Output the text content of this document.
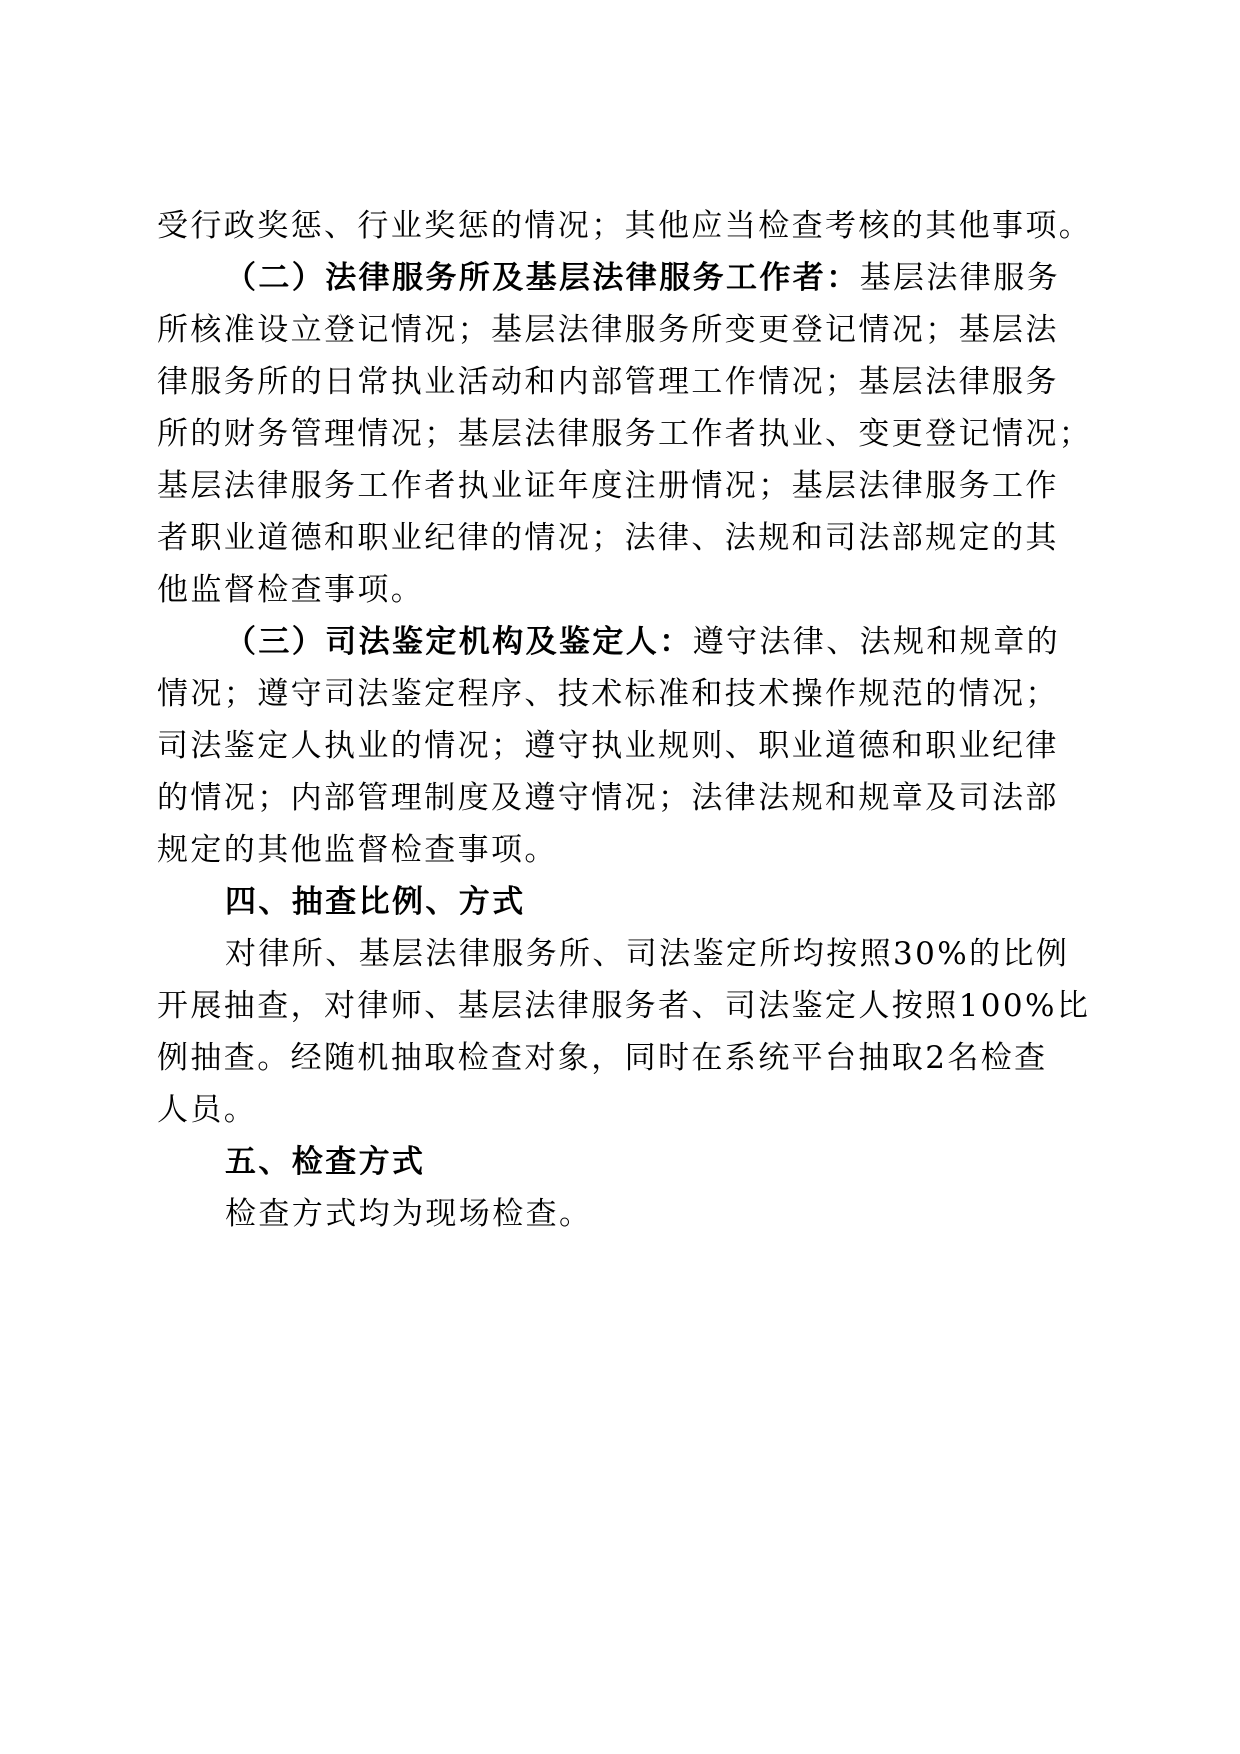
受行政奖惩、行业奖惩的情况；其他应当检查考核的其他事项。
（二）法律服务所及基层法律服务工作者：基层法律服务
所核准设立登记情况；基层法律服务所变更登记情况；基层法
律服务所的日常执业活动和内部管理工作情况；基层法律服务
所的财务管理情况；基层法律服务工作者执业、变更登记情况；
基层法律服务工作者执业证年度注册情况；基层法律服务工作
者职业道德和职业纪律的情况；法律、法规和司法部规定的其
他监督检查事项。
（三）司法鉴定机构及鉴定人：遵守法律、法规和规章的
情况；遵守司法鉴定程序、技术标准和技术操作规范的情况；
司法鉴定人执业的情况；遵守执业规则、职业道德和职业纪律
的情况；内部管理制度及遵守情况；法律法规和规章及司法部
规定的其他监督检查事项。
四、抽查比例、方式
对律所、基层法律服务所、司法鉴定所均按照30%的比例
开展抽查，对律师、基层法律服务者、司法鉴定人按照100%比
例抽查。经随机抽取检查对象，同时在系统平台抽取2名检查
人员。
五、检查方式
检查方式均为现场检查。
